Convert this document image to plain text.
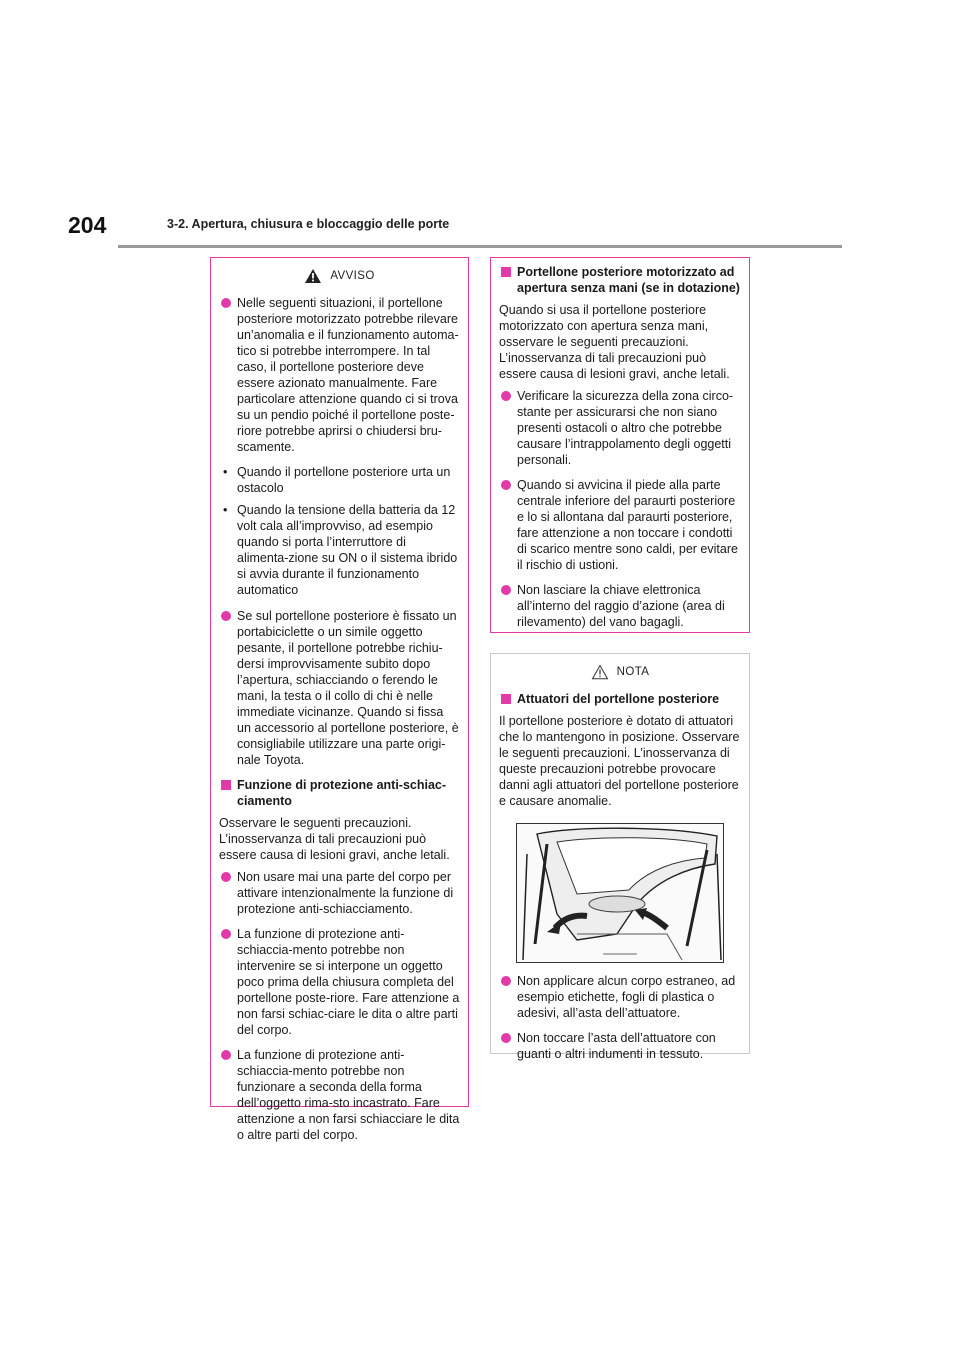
204	3-2. Apertura, chiusura e bloccaggio delle porte
AVVISO
Nelle seguenti situazioni, il portellone posteriore motorizzato potrebbe rilevare un’anomalia e il funzionamento automa-tico si potrebbe interrompere. In tal caso, il portellone posteriore deve essere azionato manualmente. Fare particolare attenzione quando ci si trova su un pendio poiché il portellone poste-riore potrebbe aprirsi o chiudersi bru-scamente.
• Quando il portellone posteriore urta un ostacolo
• Quando la tensione della batteria da 12 volt cala all’improvviso, ad esempio quando si porta l’interruttore di alimenta-zione su ON o il sistema ibrido si avvia durante il funzionamento automatico
Se sul portellone posteriore è fissato un portabiciclette o un simile oggetto pesante, il portellone potrebbe richiu-dersi improvvisamente subito dopo l’apertura, schiacciando o ferendo le mani, la testa o il collo di chi è nelle immediate vicinanze. Quando si fissa un accessorio al portellone posteriore, è consigliabile utilizzare una parte origi-nale Toyota.
Funzione di protezione anti-schiac-ciamento

Osservare le seguenti precauzioni. L’inosservanza di tali precauzioni può essere causa di lesioni gravi, anche letali.

Non usare mai una parte del corpo per attivare intenzionalmente la funzione di protezione anti-schiacciamento.
La funzione di protezione anti-schiaccia-mento potrebbe non intervenire se si interpone un oggetto poco prima della chiusura completa del portellone poste-riore. Fare attenzione a non farsi schiac-ciare le dita o altre parti del corpo.
La funzione di protezione anti-schiaccia-mento potrebbe non funzionare a seconda della forma dell’oggetto rima-sto incastrato. Fare attenzione a non farsi schiacciare le dita o altre parti del corpo.
Portellone posteriore motorizzato ad apertura senza mani (se in dotazione)

Quando si usa il portellone posteriore motorizzato con apertura senza mani, osservare le seguenti precauzioni. L’inosservanza di tali precauzioni può essere causa di lesioni gravi, anche letali.

Verificare la sicurezza della zona circo-stante per assicurarsi che non siano presenti ostacoli o altro che potrebbe causare l’intrappolamento degli oggetti personali.
Quando si avvicina il piede alla parte centrale inferiore del paraurti posteriore e lo si allontana dal paraurti posteriore, fare attenzione a non toccare i condotti di scarico mentre sono caldi, per evitare il rischio di ustioni.
Non lasciare la chiave elettronica all’interno del raggio d’azione (area di rilevamento) del vano bagagli.
NOTA
Attuatori del portellone posteriore

Il portellone posteriore è dotato di attuatori che lo mantengono in posizione. Osservare le seguenti precauzioni. L’inosservanza di queste precauzioni potrebbe provocare danni agli attuatori del portellone posteriore e causare anomalie.

Non applicare alcun corpo estraneo, ad esempio etichette, fogli di plastica o adesivi, all’asta dell’attuatore.
Non toccare l’asta dell’attuatore con guanti o altri indumenti in tessuto.
